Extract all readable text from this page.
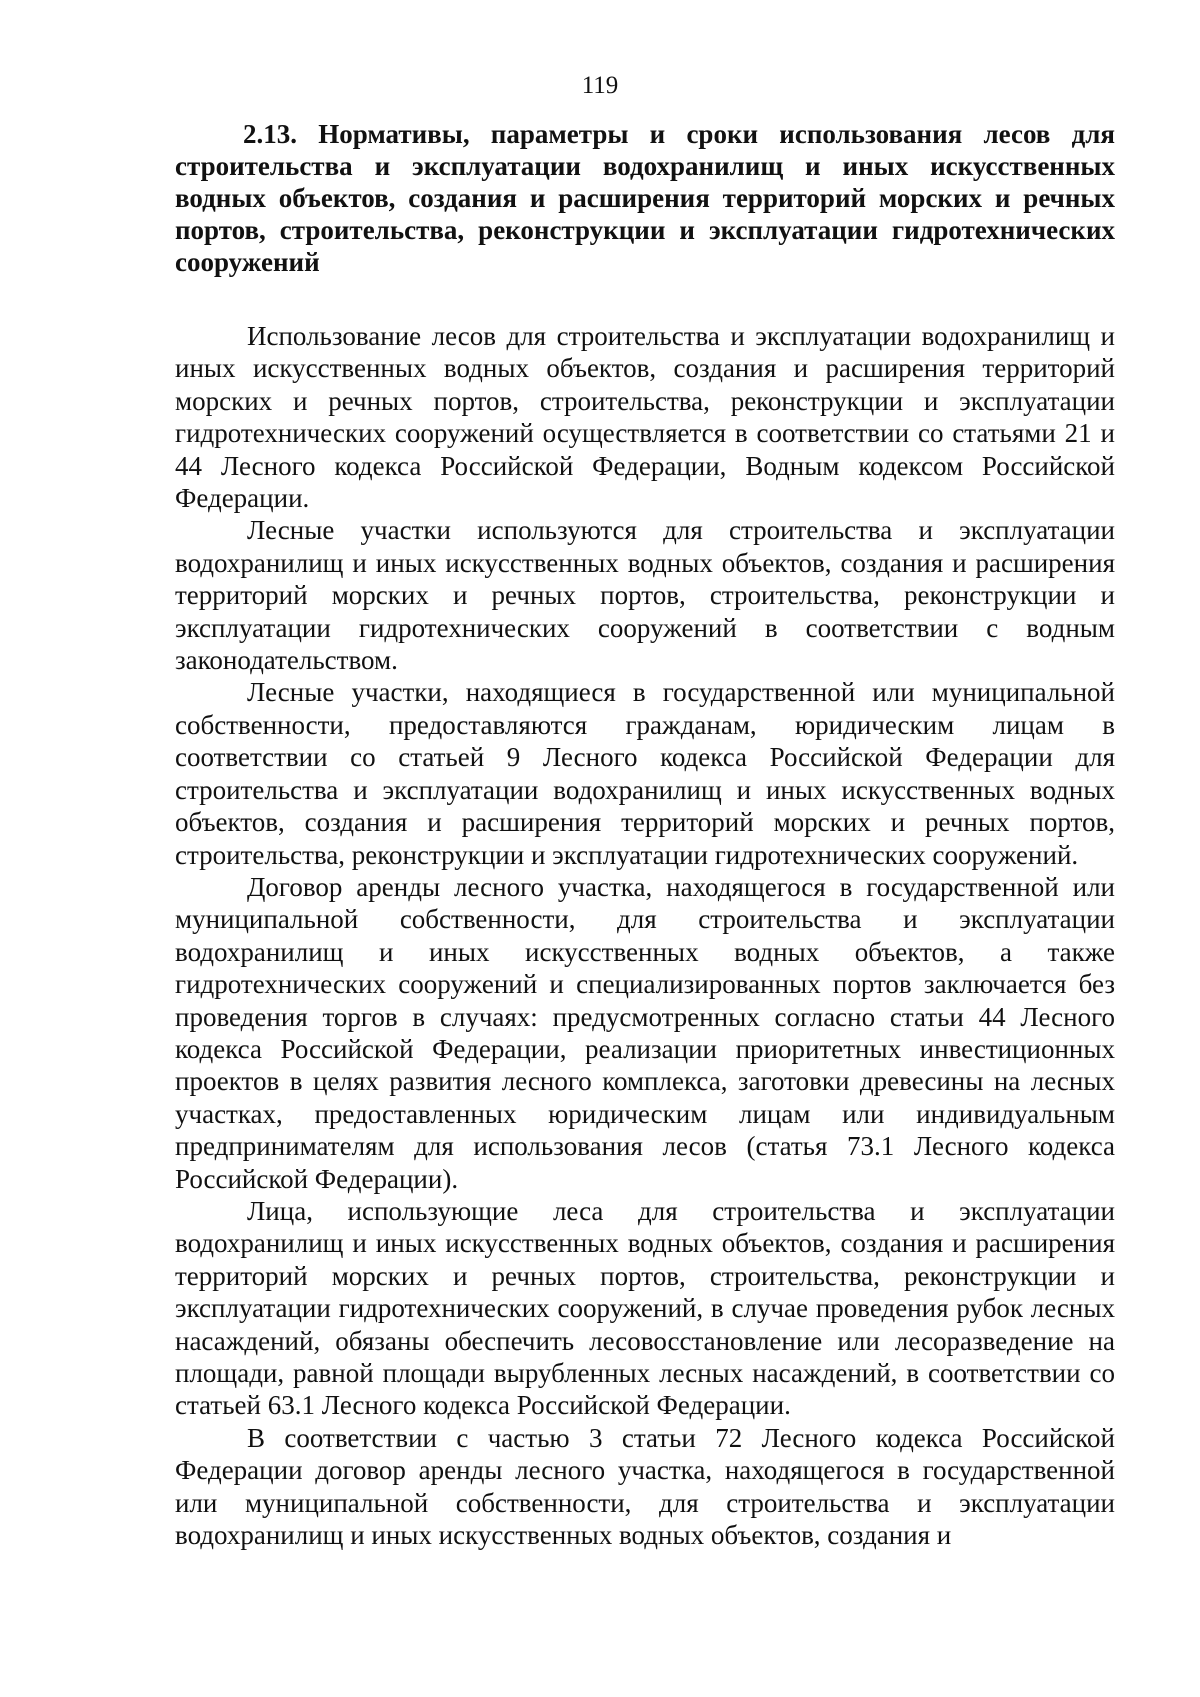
119
2.13. Нормативы, параметры и сроки использования лесов для строительства и эксплуатации водохранилищ и иных искусственных водных объектов, создания и расширения территорий морских и речных портов, строительства, реконструкции и эксплуатации гидротехнических сооружений

Использование лесов для строительства и эксплуатации водохранилищ и иных искусственных водных объектов, создания и расширения территорий морских и речных портов, строительства, реконструкции и эксплуатации гидротехнических сооружений осуществляется в соответствии со статьями 21 и 44 Лесного кодекса Российской Федерации, Водным кодексом Российской Федерации.

Лесные участки используются для строительства и эксплуатации водохранилищ и иных искусственных водных объектов, создания и расширения территорий морских и речных портов, строительства, реконструкции и эксплуатации гидротехнических сооружений в соответствии с водным законодательством.

Лесные участки, находящиеся в государственной или муниципальной собственности, предоставляются гражданам, юридическим лицам в соответствии со статьей 9 Лесного кодекса Российской Федерации для строительства и эксплуатации водохранилищ и иных искусственных водных объектов, создания и расширения территорий морских и речных портов, строительства, реконструкции и эксплуатации гидротехнических сооружений.

Договор аренды лесного участка, находящегося в государственной или муниципальной собственности, для строительства и эксплуатации водохранилищ и иных искусственных водных объектов, а также гидротехнических сооружений и специализированных портов заключается без проведения торгов в случаях: предусмотренных согласно статьи 44 Лесного кодекса Российской Федерации, реализации приоритетных инвестиционных проектов в целях развития лесного комплекса, заготовки древесины на лесных участках, предоставленных юридическим лицам или индивидуальным предпринимателям для использования лесов (статья 73.1 Лесного кодекса Российской Федерации).

Лица, использующие леса для строительства и эксплуатации водохранилищ и иных искусственных водных объектов, создания и расширения территорий морских и речных портов, строительства, реконструкции и эксплуатации гидротехнических сооружений, в случае проведения рубок лесных насаждений, обязаны обеспечить лесовосстановление или лесоразведение на площади, равной площади вырубленных лесных насаждений, в соответствии со статьей 63.1 Лесного кодекса Российской Федерации.

В соответствии с частью 3 статьи 72 Лесного кодекса Российской Федерации договор аренды лесного участка, находящегося в государственной или муниципальной собственности, для строительства и эксплуатации водохранилищ и иных искусственных водных объектов, создания и
